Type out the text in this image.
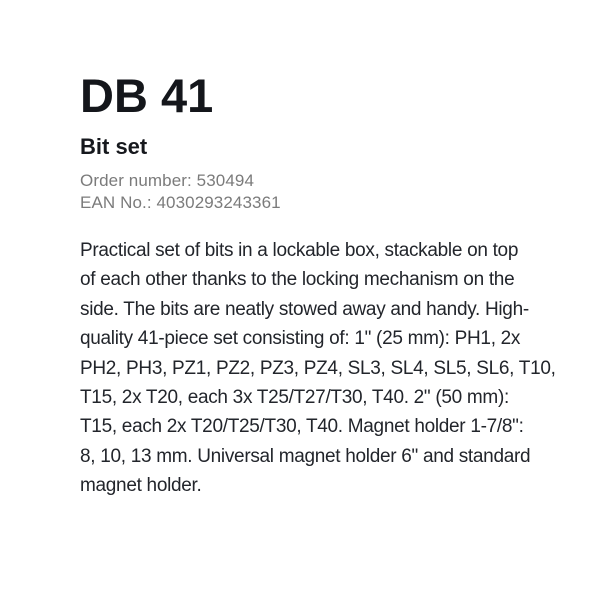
DB 41
Bit set
Order number: 530494
EAN No.: 4030293243361
Practical set of bits in a lockable box, stackable on top
of each other thanks to the locking mechanism on the
side. The bits are neatly stowed away and handy. High-
quality 41-piece set consisting of: 1" (25 mm): PH1, 2x
PH2, PH3, PZ1, PZ2, PZ3, PZ4, SL3, SL4, SL5, SL6, T10,
T15, 2x T20, each 3x T25/T27/T30, T40. 2" (50 mm):
T15, each 2x T20/T25/T30, T40. Magnet holder 1-7/8":
8, 10, 13 mm. Universal magnet holder 6" and standard
magnet holder.
